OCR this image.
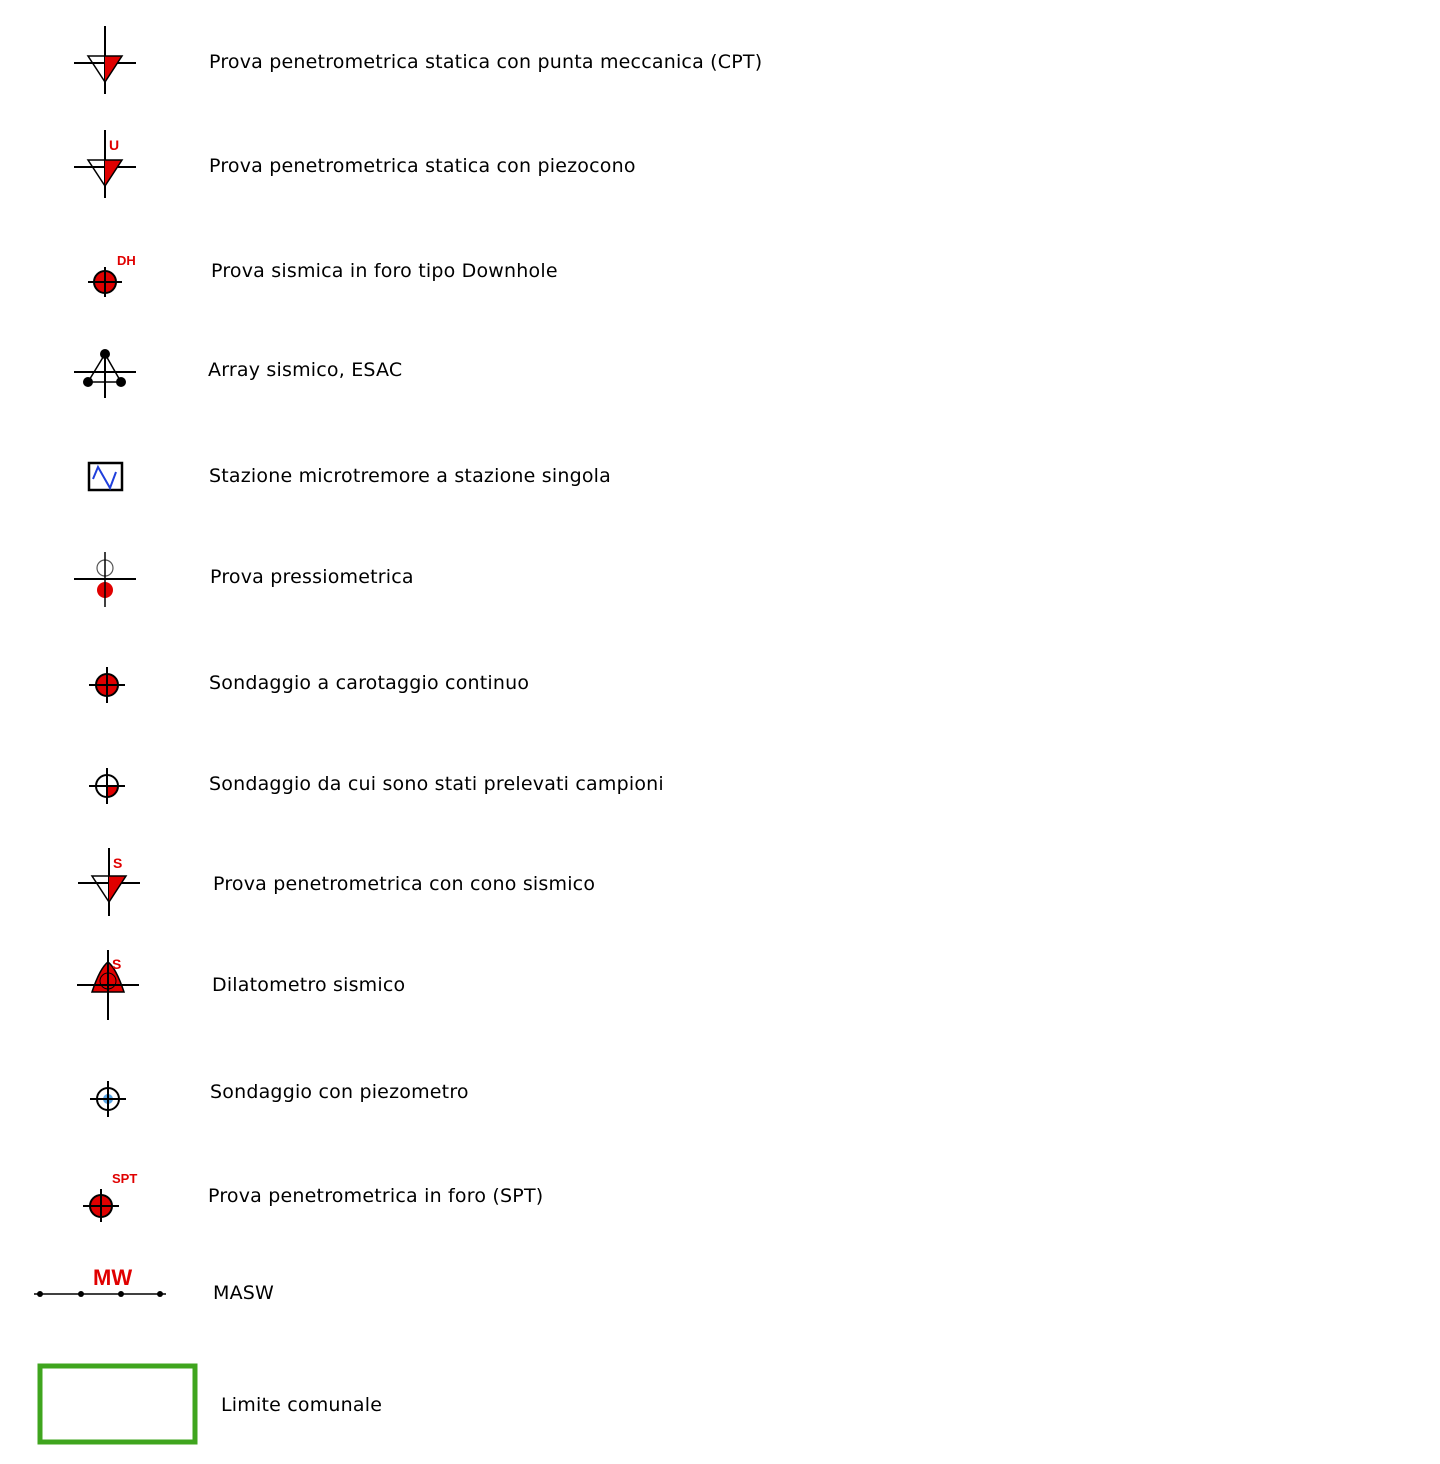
Prova penetrometrica statica con punta meccanica (CPT)
U
Prova penetrometrica statica con piezocono
DH	Prova sismica in foro tipo Downhole
Array sismico, ESAC
Stazione microtremore a stazione singola
Prova pressiometrica
Sondaggio a carotaggio continuo
Sondaggio da cui sono stati prelevati campioni
S
Prova penetrometrica con cono sismico
S
Dilatometro sismico
Sondaggio con piezometro
SPT
Prova penetrometrica in foro (SPT)
MW
MASW
Limite comunale
